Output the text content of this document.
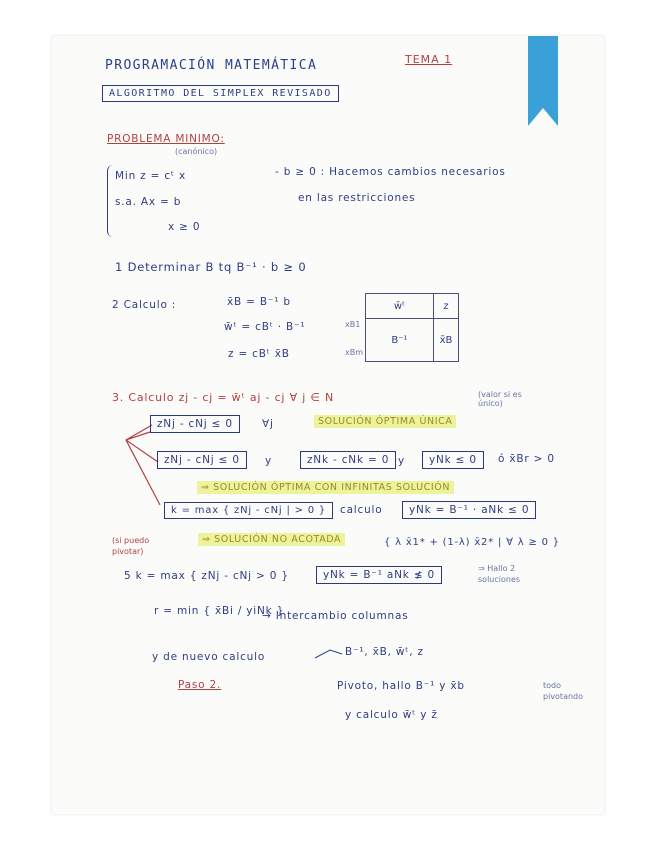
PROGRAMACIÓN MATEMÁTICA	TEMA 1
ALGORITMO DEL SIMPLEX REVISADO
PROBLEMA MINIMO:
(canónico)
Min z = cᵗ x
s.a. Ax = b
x ≥ 0
- b ≥ 0 : Hacemos cambios necesarios
en las restricciones
1 Determinar B tq B⁻¹ · b ≥ 0
2 Calculo :	x̄B = B⁻¹ b
w̄ᵗ = cBᵗ · B⁻¹
z = cBᵗ x̄B
xB1
xBm
w̄ᵗ	z
B⁻¹	x̄B
3. Calculo zj - cj = w̄ᵗ aj - cj ∀ j ∈ N	(valor si es único)
zNj - cNj ≤ 0	∀j	SOLUCIÓN ÓPTIMA ÚNICA
zNj - cNj ≤ 0	y	zNk - cNk = 0 y	yNk ≤ 0	ó x̄Br > 0
⇒ SOLUCIÓN ÓPTIMA CON INFINITAS SOLUCIÓN
k = max { zNj - cNj | > 0 }	calculo	yNk = B⁻¹ · aNk ≤ 0
(si puedo pivotar)
⇒ SOLUCIÓN NO ACOTADA	{ λ x̄1* + (1-λ) x̄2* | ∀ λ ≥ 0 }
5 k = max { zNj - cNj > 0 }	yNk = B⁻¹ aNk ≰ 0
⇒ Hallo 2 soluciones
r = min { x̄Bi / yiNk }
→ Intercambio columnas
y de nuevo calculo	B⁻¹, x̄B, w̄ᵗ, z
Paso 2.	Pivoto, hallo B⁻¹ y x̄b	todo pivotando
y calculo w̄ᵗ y z̄
